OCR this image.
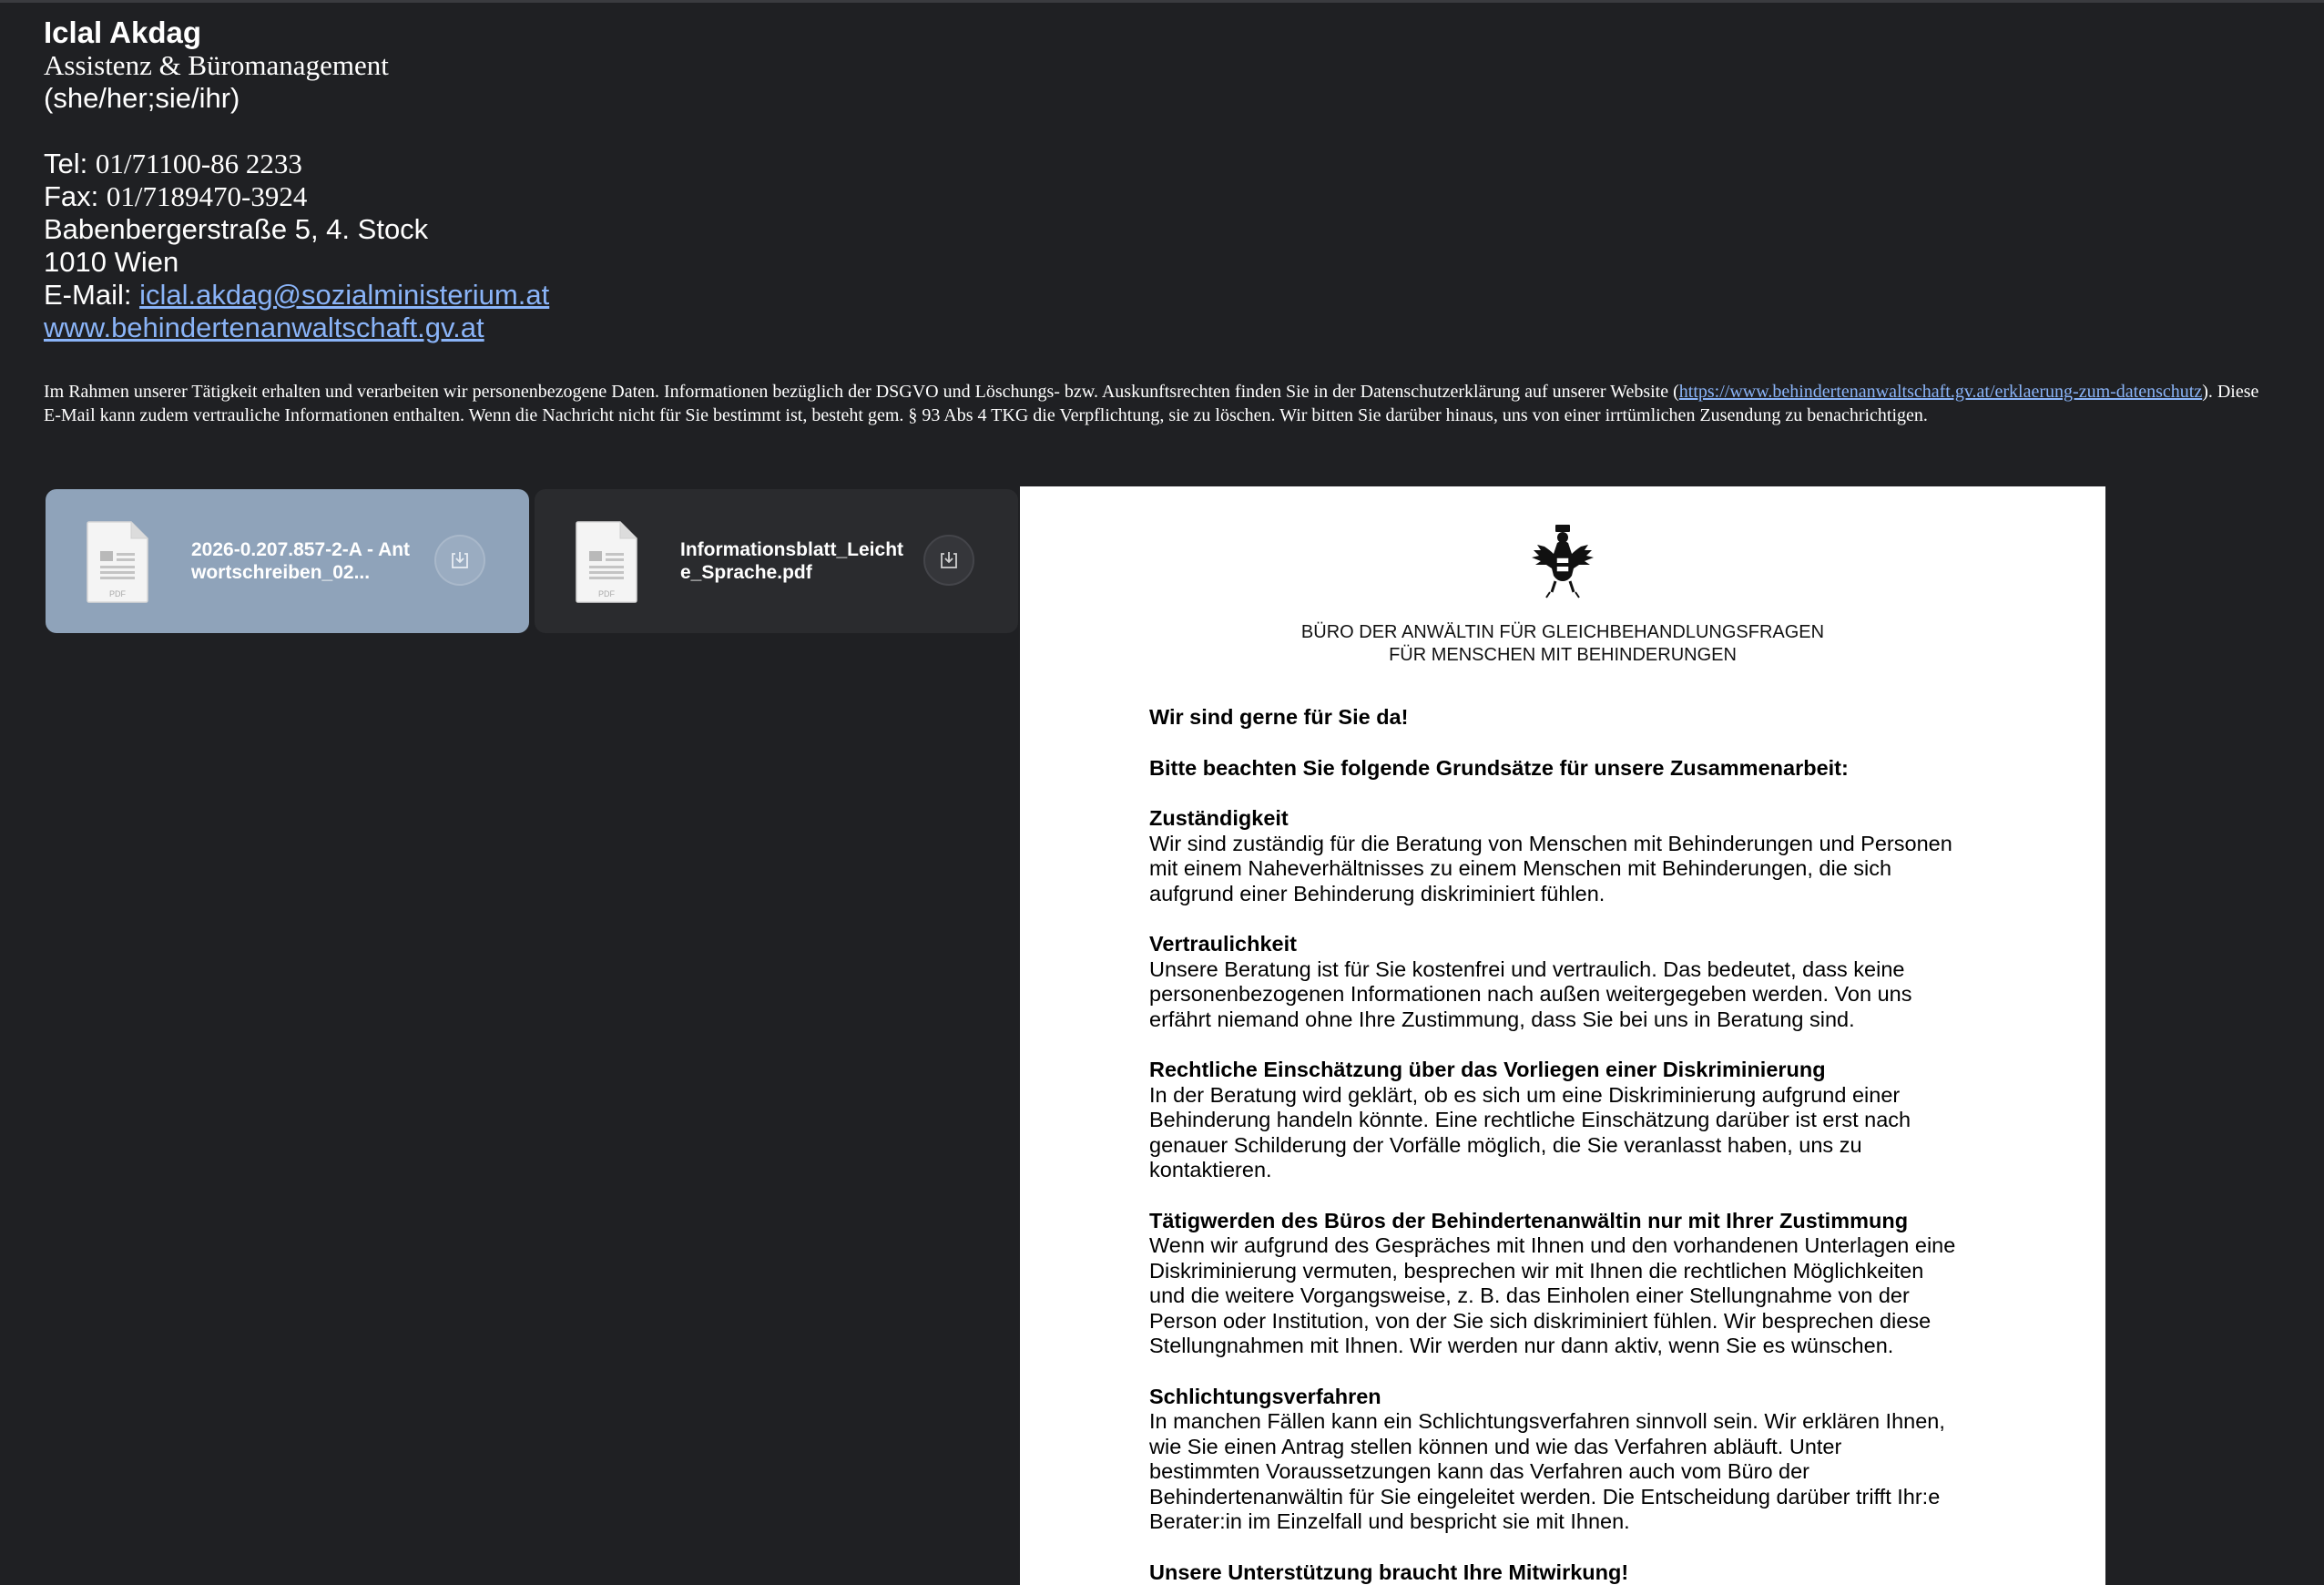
Iclal Akdag
Assistenz & Büromanagement
(she/her;sie/ihr)
Tel: 01/71100-86 2233
Fax: 01/7189470-3924
Babenbergerstraße 5, 4. Stock
1010 Wien
E-Mail: iclal.akdag@sozialministerium.at
www.behindertenanwaltschaft.gv.at
Im Rahmen unserer Tätigkeit erhalten und verarbeiten wir personenbezogene Daten. Informationen bezüglich der DSGVO und Löschungs- bzw. Auskunftsrechten finden Sie in der Datenschutzerklärung auf unserer Website (https://www.behindertenanwaltschaft.gv.at/erklaerung-zum-datenschutz). Diese E-Mail kann zudem vertrauliche Informationen enthalten. Wenn die Nachricht nicht für Sie bestimmt ist, besteht gem. § 93 Abs 4 TKG die Verpflichtung, sie zu löschen. Wir bitten Sie darüber hinaus, uns von einer irrtümlichen Zusendung zu benachrichtigen.
PDF
2026-0.207.857-2-A - Antwortschreiben_02...
PDF
Informationsblatt_Leichte_Sprache.pdf
BÜRO DER ANWÄLTIN FÜR GLEICHBEHANDLUNGSFRAGEN
FÜR MENSCHEN MIT BEHINDERUNGEN

Wir sind gerne für Sie da!

Bitte beachten Sie folgende Grundsätze für unsere Zusammenarbeit:

Zuständigkeit

Wir sind zuständig für die Beratung von Menschen mit Behinderungen und Personen

mit einem Naheverhältnisses zu einem Menschen mit Behinderungen, die sich

aufgrund einer Behinderung diskriminiert fühlen.

Vertraulichkeit

Unsere Beratung ist für Sie kostenfrei und vertraulich. Das bedeutet, dass keine

personenbezogenen Informationen nach außen weitergegeben werden. Von uns

erfährt niemand ohne Ihre Zustimmung, dass Sie bei uns in Beratung sind.

Rechtliche Einschätzung über das Vorliegen einer Diskriminierung

In der Beratung wird geklärt, ob es sich um eine Diskriminierung aufgrund einer

Behinderung handeln könnte. Eine rechtliche Einschätzung darüber ist erst nach

genauer Schilderung der Vorfälle möglich, die Sie veranlasst haben, uns zu

kontaktieren.

Tätigwerden des Büros der Behindertenanwältin nur mit Ihrer Zustimmung

Wenn wir aufgrund des Gespräches mit Ihnen und den vorhandenen Unterlagen eine

Diskriminierung vermuten, besprechen wir mit Ihnen die rechtlichen Möglichkeiten

und die weitere Vorgangsweise, z. B. das Einholen einer Stellungnahme von der

Person oder Institution, von der Sie sich diskriminiert fühlen. Wir besprechen diese

Stellungnahmen mit Ihnen. Wir werden nur dann aktiv, wenn Sie es wünschen.

Schlichtungsverfahren

In manchen Fällen kann ein Schlichtungsverfahren sinnvoll sein. Wir erklären Ihnen,

wie Sie einen Antrag stellen können und wie das Verfahren abläuft. Unter

bestimmten Voraussetzungen kann das Verfahren auch vom Büro der

Behindertenanwältin für Sie eingeleitet werden. Die Entscheidung darüber trifft Ihr:e

Berater:in im Einzelfall und bespricht sie mit Ihnen.

Unsere Unterstützung braucht Ihre Mitwirkung!
